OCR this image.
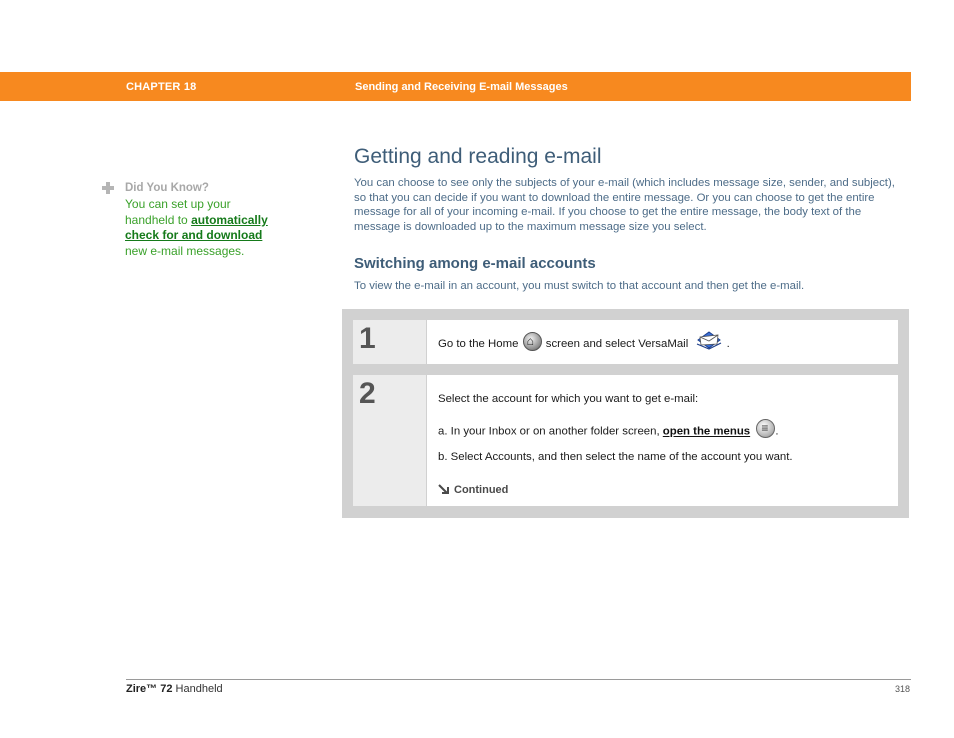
CHAPTER 18	Sending and Receiving E-mail Messages
Did You Know?
You can set up your handheld to automatically check for and download new e-mail messages.
Getting and reading e-mail
You can choose to see only the subjects of your e-mail (which includes message size, sender, and subject), so that you can decide if you want to download the entire message. Or you can choose to get the entire message for all of your incoming e-mail. If you choose to get the entire message, the body text of the message is downloaded up to the maximum message size you select.
Switching among e-mail accounts
To view the e-mail in an account, you must switch to that account and then get the e-mail.
1	Go to the Home ⌂ screen and select VersaMail	.
2	Select the account for which you want to get e-mail:
a. In your Inbox or on another folder screen, open the menus ≡ .
b. Select Accounts, and then select the name of the account you want.
Continued
Zire™ 72 Handheld	318
